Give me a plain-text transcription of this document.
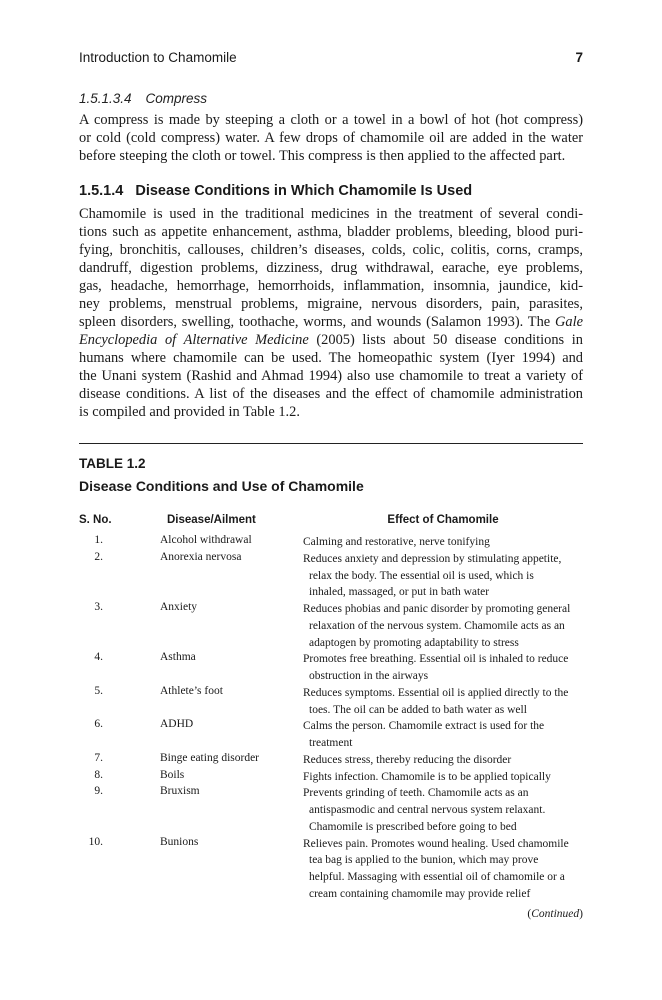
Introduction to Chamomile	7
1.5.1.3.4 Compress
A compress is made by steeping a cloth or a towel in a bowl of hot (hot compress)
or cold (cold compress) water. A few drops of chamomile oil are added in the water
before steeping the cloth or towel. This compress is then applied to the affected part.
1.5.1.4 Disease Conditions in Which Chamomile Is Used
Chamomile is used in the traditional medicines in the treatment of several condi-
tions such as appetite enhancement, asthma, bladder problems, bleeding, blood puri-
fying, bronchitis, callouses, children’s diseases, colds, colic, colitis, corns, cramps,
dandruff, digestion problems, dizziness, drug withdrawal, earache, eye problems,
gas, headache, hemorrhage, hemorrhoids, inflammation, insomnia, jaundice, kid-
ney problems, menstrual problems, migraine, nervous disorders, pain, parasites,
spleen disorders, swelling, toothache, worms, and wounds (Salamon 1993). The Gale
Encyclopedia of Alternative Medicine (2005) lists about 50 disease conditions in
humans where chamomile can be used. The homeopathic system (Iyer 1994) and
the Unani system (Rashid and Ahmad 1994) also use chamomile to treat a variety of
disease conditions. A list of the diseases and the effect of chamomile administration
is compiled and provided in Table 1.2.
TABLE 1.2
Disease Conditions and Use of Chamomile
S. No.	Disease/Ailment	Effect of Chamomile
1.	Alcohol withdrawal	Calming and restorative, nerve tonifying
2.	Anorexia nervosa	Reduces anxiety and depression by stimulating appetite,
relax the body. The essential oil is used, which is
inhaled, massaged, or put in bath water
3.	Anxiety	Reduces phobias and panic disorder by promoting general
relaxation of the nervous system. Chamomile acts as an
adaptogen by promoting adaptability to stress
4.	Asthma	Promotes free breathing. Essential oil is inhaled to reduce
obstruction in the airways
5.	Athlete’s foot	Reduces symptoms. Essential oil is applied directly to the
toes. The oil can be added to bath water as well
6.	ADHD	Calms the person. Chamomile extract is used for the
treatment
7.	Binge eating disorder	Reduces stress, thereby reducing the disorder
8.	Boils	Fights infection. Chamomile is to be applied topically
9.	Bruxism	Prevents grinding of teeth. Chamomile acts as an
antispasmodic and central nervous system relaxant.
Chamomile is prescribed before going to bed
10.	Bunions	Relieves pain. Promotes wound healing. Used chamomile
tea bag is applied to the bunion, which may prove
helpful. Massaging with essential oil of chamomile or a
cream containing chamomile may provide relief
(Continued)
